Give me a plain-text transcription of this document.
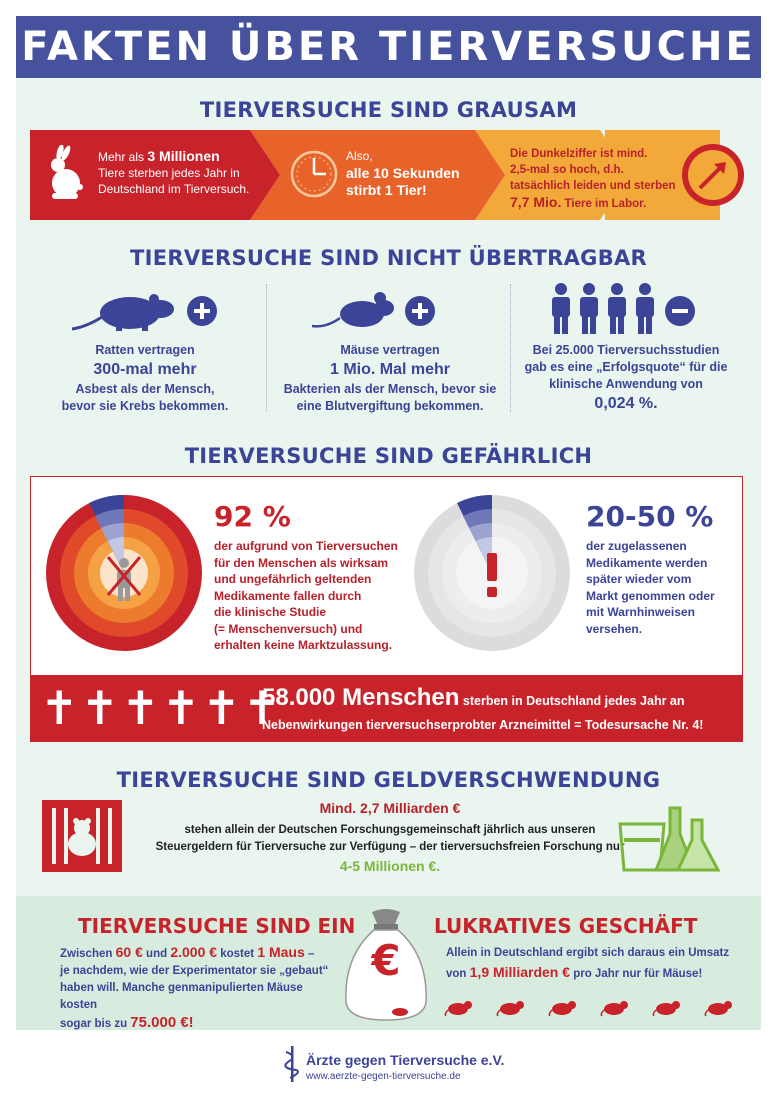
FAKTEN ÜBER TIERVERSUCHE
TIERVERSUCHE SIND GRAUSAM
Mehr als 3 Millionen
Tiere sterben jedes Jahr in
Deutschland im Tierversuch.
Also,
alle 10 Sekunden
stirbt 1 Tier!
Die Dunkelziffer ist mind.
2,5-mal so hoch, d.h.
tatsächlich leiden und sterben
7,7 Mio. Tiere im Labor.
TIERVERSUCHE SIND NICHT ÜBERTRAGBAR
Ratten vertragen
300-mal mehr
Asbest als der Mensch,
bevor sie Krebs bekommen.
Mäuse vertragen
1 Mio. Mal mehr
Bakterien als der Mensch, bevor sie
eine Blutvergiftung bekommen.
Bei 25.000 Tierversuchsstudien
gab es eine „Erfolgsquote“ für die
klinische Anwendung von
0,024 %.
TIERVERSUCHE SIND GEFÄHRLICH
92 %
der aufgrund von Tierversuchen
für den Menschen als wirksam
und ungefährlich geltenden
Medikamente fallen durch
die klinische Studie
(= Menschenversuch) und
erhalten keine Marktzulassung.
20-50 %
der zugelassenen
Medikamente werden
später wieder vom
Markt genommen oder
mit Warnhinweisen
versehen.
✝✝✝✝✝✝
58.000 Menschen sterben in Deutschland jedes Jahr an
Nebenwirkungen tierversuchserprobter Arzneimittel = Todesursache Nr. 4!
TIERVERSUCHE SIND GELDVERSCHWENDUNG
Mind. 2,7 Milliarden €
stehen allein der Deutschen Forschungsgemeinschaft jährlich aus unseren
Steuergeldern für Tierversuche zur Verfügung – der tierversuchsfreien Forschung nur
4-5 Millionen €.
TIERVERSUCHE SIND EIN	LUKRATIVES GESCHÄFT
Zwischen 60 € und 2.000 € kostet 1 Maus –
je nachdem, wie der Experimentator sie „gebaut“
haben will. Manche genmanipulierten Mäuse kosten
sogar bis zu 75.000 €!
€	Allein in Deutschland ergibt sich daraus ein Umsatz
von 1,9 Milliarden € pro Jahr nur für Mäuse!
Ärzte gegen Tierversuche e.V.
www.aerzte-gegen-tierversuche.de
